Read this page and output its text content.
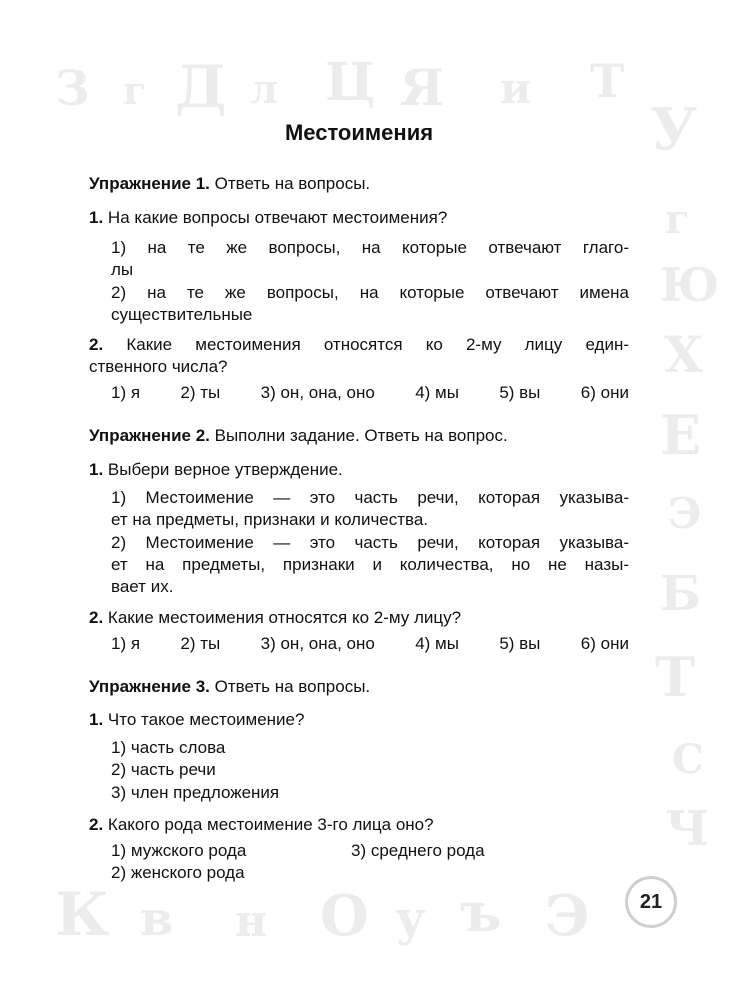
З г Д л Ц Я и Т
У
г
Ю
Х
Е
Э
Б
Т
С
Ч
К в н О у ъ Э
Местоимения
Упражнение 1. Ответь на вопросы.
1. На какие вопросы отвечают местоимения?
1) на те же вопросы, на которые отвечают глаго-
лы
2) на те же вопросы, на которые отвечают имена
существительные
2. Какие местоимения относятся ко 2-му лицу един-
ственного числа?
1) я 2) ты 3) он, она, оно 4) мы 5) вы 6) они
Упражнение 2. Выполни задание. Ответь на вопрос.
1. Выбери верное утверждение.
1) Местоимение — это часть речи, которая указыва-
ет на предметы, признаки и количества.
2) Местоимение — это часть речи, которая указыва-
ет на предметы, признаки и количества, но не назы-
вает их.
2. Какие местоимения относятся ко 2-му лицу?
1) я 2) ты 3) он, она, оно 4) мы 5) вы 6) они
Упражнение 3. Ответь на вопросы.
1. Что такое местоимение?
1) часть слова
2) часть речи
3) член предложения
2. Какого рода местоимение 3-го лица оно?
1) мужского рода	3) среднего рода
2) женского рода
21
